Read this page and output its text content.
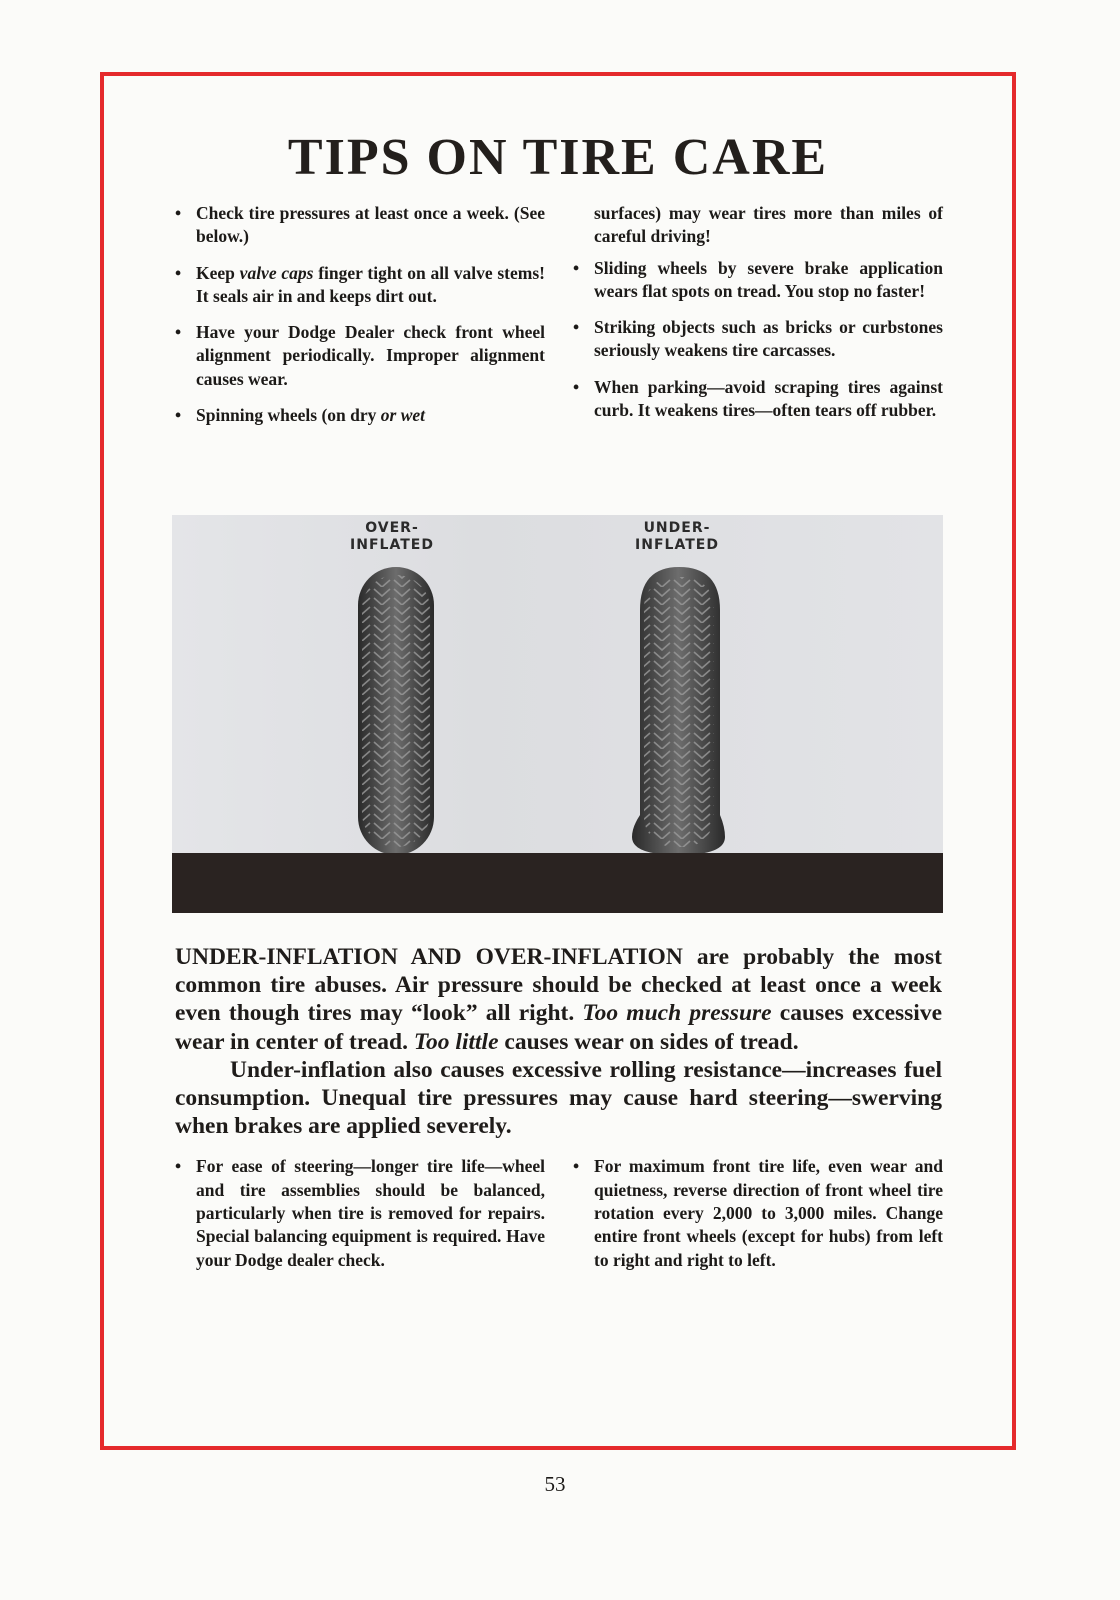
TIPS ON TIRE CARE
• Check tire pressures at least once a week. (See below.)
• Keep valve caps finger tight on all valve stems! It seals air in and keeps dirt out.
• Have your Dodge Dealer check front wheel alignment periodically. Improper alignment causes wear.
• Spinning wheels (on dry or wet
surfaces) may wear tires more than miles of careful driving!
• Sliding wheels by severe brake application wears flat spots on tread. You stop no faster!
• Striking objects such as bricks or curbstones seriously weakens tire carcasses.
• When parking—avoid scraping tires against curb. It weakens tires—often tears off rubber.
OVER-
INFLATED
UNDER-
INFLATED

UNDER-INFLATION AND OVER-INFLATION are probably the most common tire abuses. Air pressure should be checked at least once a week even though tires may “look” all right. Too much pressure causes excessive wear in center of tread. Too little causes wear on sides of tread.

Under-inflation also causes excessive rolling resistance—increases fuel consumption. Unequal tire pressures may cause hard steering—swerving when brakes are applied severely.

• For ease of steering—longer tire life—wheel and tire assemblies should be balanced, particularly when tire is removed for repairs. Special balancing equipment is required. Have your Dodge dealer check.
• For maximum front tire life, even wear and quietness, reverse direction of front wheel tire rotation every 2,000 to 3,000 miles. Change entire front wheels (except for hubs) from left to right and right to left.
53
